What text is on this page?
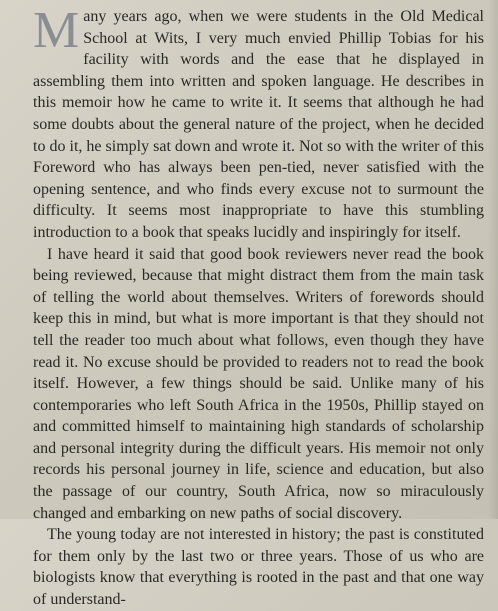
Many years ago, when we were students in the Old Medical School at Wits, I very much envied Phillip Tobias for his facility with words and the ease that he displayed in assembling them into written and spoken language. He describes in this memoir how he came to write it. It seems that although he had some doubts about the general nature of the project, when he decided to do it, he simply sat down and wrote it. Not so with the writer of this Foreword who has always been pen-tied, never satisfied with the opening sentence, and who finds every excuse not to surmount the difficulty. It seems most inappropriate to have this stumbling introduction to a book that speaks lucidly and inspiringly for itself.

I have heard it said that good book reviewers never read the book being reviewed, because that might distract them from the main task of telling the world about themselves. Writers of forewords should keep this in mind, but what is more important is that they should not tell the reader too much about what follows, even though they have read it. No excuse should be provided to readers not to read the book itself. However, a few things should be said. Unlike many of his contemporaries who left South Africa in the 1950s, Phillip stayed on and committed himself to maintaining high standards of scholarship and personal integrity during the difficult years. His memoir not only records his personal journey in life, science and education, but also the passage of our country, South Africa, now so miraculously changed and embarking on new paths of social discovery.

The young today are not interested in history; the past is constituted for them only by the last two or three years. Those of us who are biologists know that everything is rooted in the past and that one way of understand-
